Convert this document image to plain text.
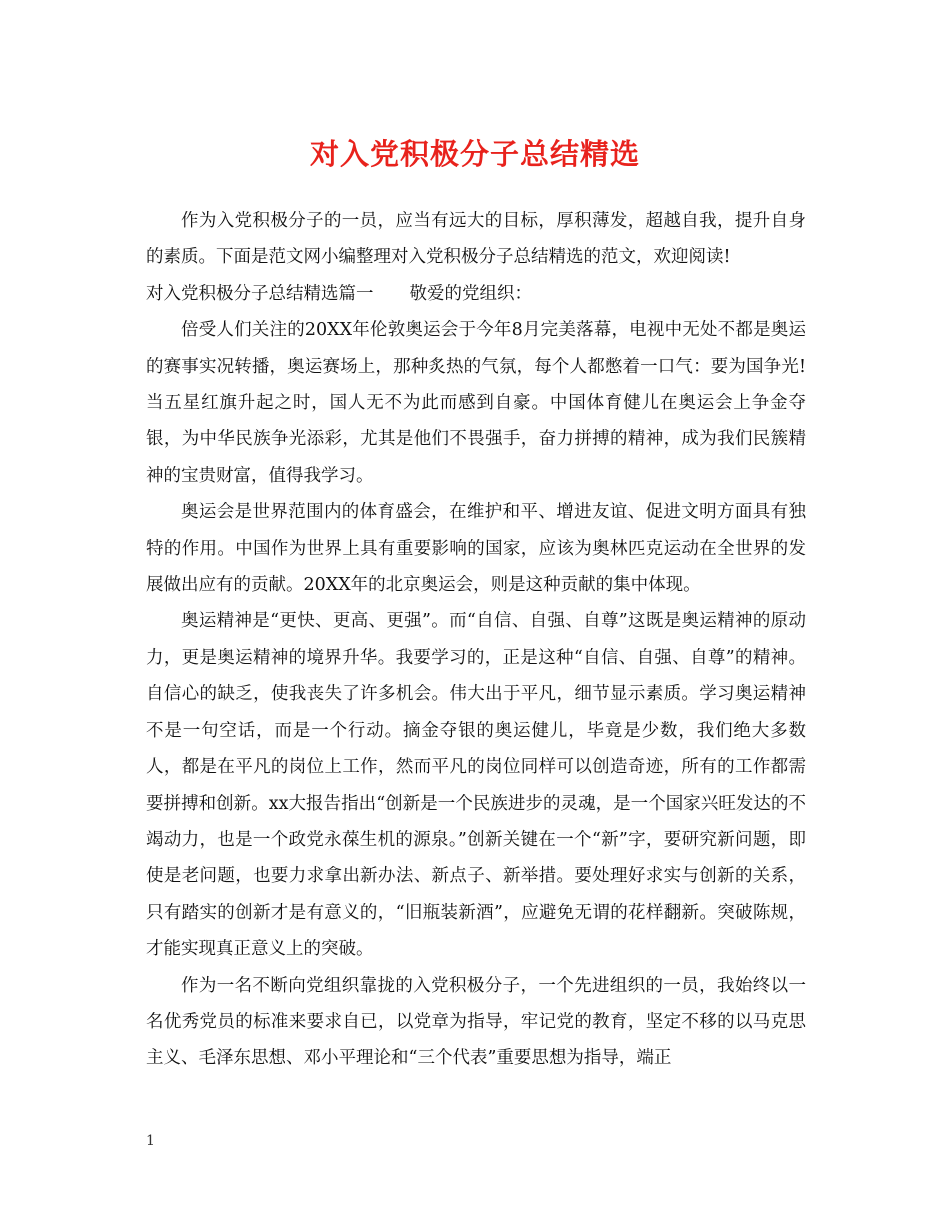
对入党积极分子总结精选

作为入党积极分子的一员，应当有远大的目标，厚积薄发，超越自我，提升自身的素质。下面是范文网小编整理对入党积极分子总结精选的范文，欢迎阅读!

对入党积极分子总结精选篇一 敬爱的党组织：

倍受人们关注的20XX年伦敦奥运会于今年8月完美落幕，电视中无处不都是奥运的赛事实况转播，奥运赛场上，那种炙热的气氛，每个人都憋着一口气：要为国争光!当五星红旗升起之时，国人无不为此而感到自豪。中国体育健儿在奥运会上争金夺银，为中华民族争光添彩，尤其是他们不畏强手，奋力拼搏的精神，成为我们民簇精神的宝贵财富，值得我学习。

奥运会是世界范围内的体育盛会，在维护和平、增进友谊、促进文明方面具有独特的作用。中国作为世界上具有重要影响的国家，应该为奥林匹克运动在全世界的发展做出应有的贡献。20XX年的北京奥运会，则是这种贡献的集中体现。

奥运精神是“更快、更高、更强”。而“自信、自强、自尊”这既是奥运精神的原动力，更是奥运精神的境界升华。我要学习的，正是这种“自信、自强、自尊”的精神。自信心的缺乏，使我丧失了许多机会。伟大出于平凡，细节显示素质。学习奥运精神不是一句空话，而是一个行动。摘金夺银的奥运健儿，毕竟是少数，我们绝大多数人，都是在平凡的岗位上工作，然而平凡的岗位同样可以创造奇迹，所有的工作都需要拼搏和创新。xx大报告指出“创新是一个民族进步的灵魂，是一个国家兴旺发达的不竭动力，也是一个政党永葆生机的源泉。”创新关键在一个“新”字，要研究新问题，即使是老问题，也要力求拿出新办法、新点子、新举措。要处理好求实与创新的关系，只有踏实的创新才是有意义的，“旧瓶装新酒”，应避免无谓的花样翻新。突破陈规，才能实现真正意义上的突破。

作为一名不断向党组织靠拢的入党积极分子，一个先进组织的一员，我始终以一名优秀党员的标准来要求自已，以党章为指导，牢记党的教育，坚定不移的以马克思主义、毛泽东思想、邓小平理论和“三个代表”重要思想为指导，端正

1
